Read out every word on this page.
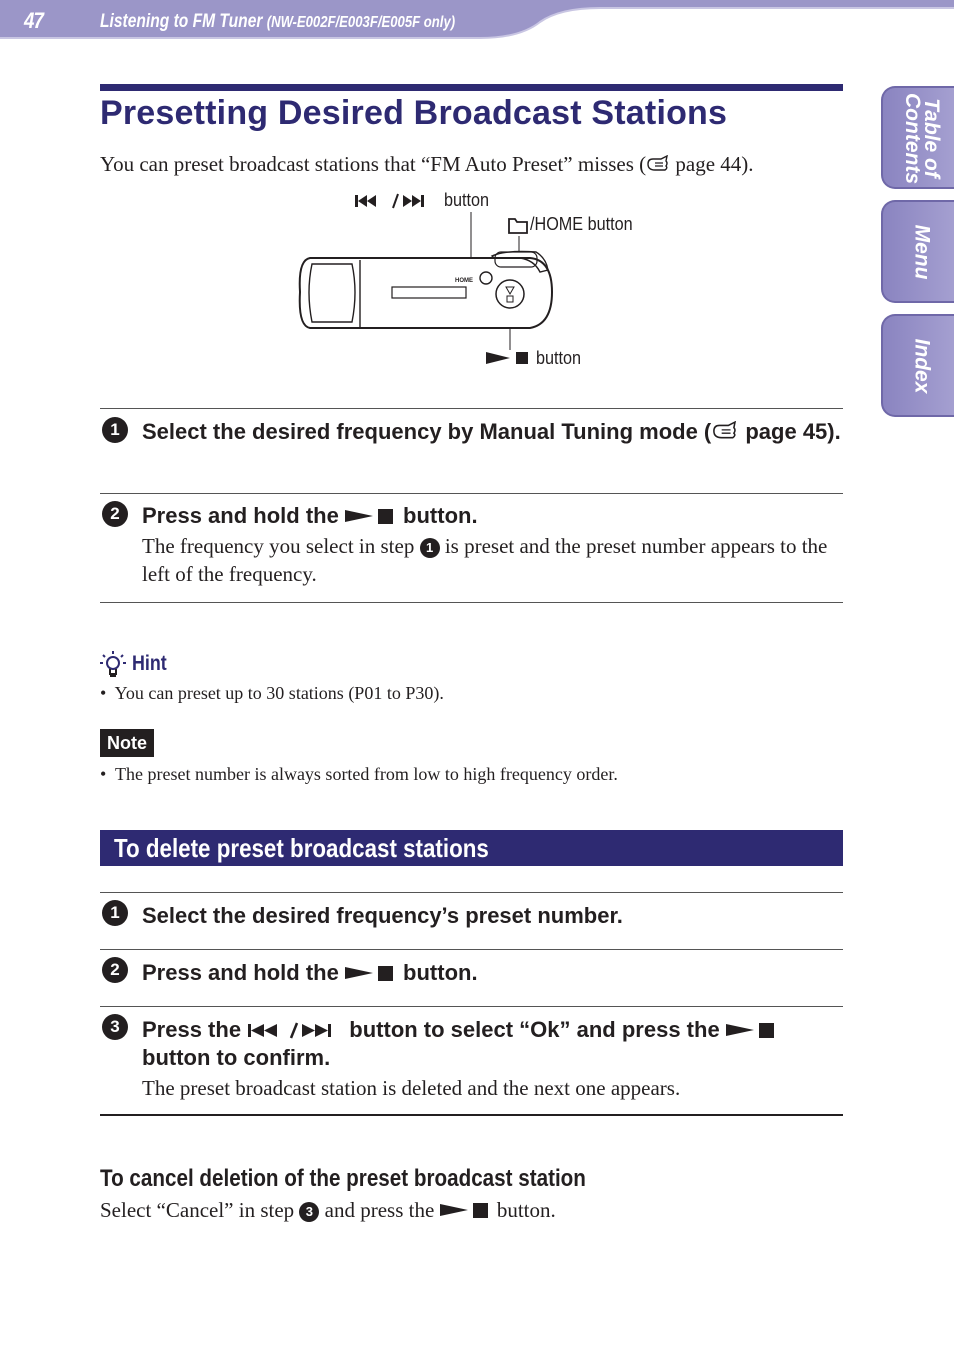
47	Listening to FM Tuner (NW-E002F/E003F/E005F only)
Table of Contents
Menu
Index
Presetting Desired Broadcast Stations
You can preset broadcast stations that “FM Auto Preset” misses ( page 44).
HOME
button
/HOME button
button
1	Select the desired frequency by Manual Tuning mode ( page 45).
2	Press and hold the  button.
The frequency you select in step 1 is preset and the preset number appears to the left of the frequency.
Hint
• You can preset up to 30 stations (P01 to P30).
Note
• The preset number is always sorted from low to high frequency order.
To delete preset broadcast stations
1	Select the desired frequency’s preset number.
2	Press and hold the  button.
3	Press the	button to select “Ok” and press the  button to confirm.
The preset broadcast station is deleted and the next one appears.
To cancel deletion of the preset broadcast station
Select “Cancel” in step 3 and press the  button.
